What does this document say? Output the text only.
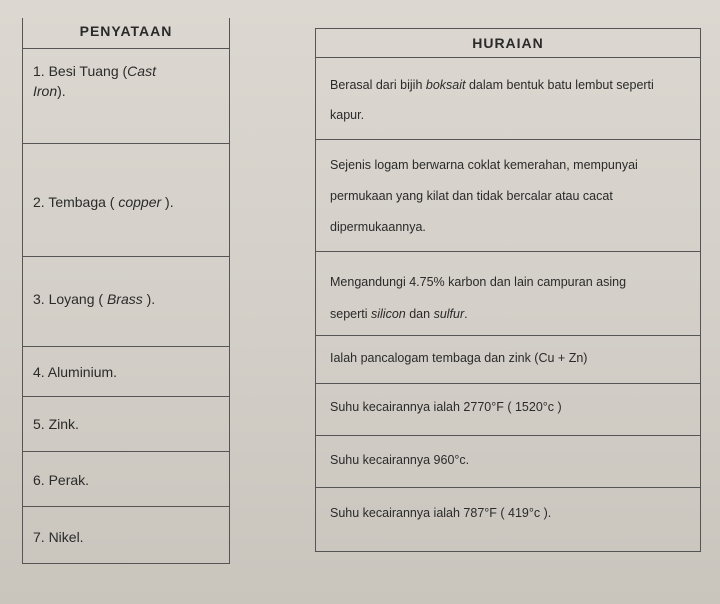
PENYATAAN
1. Besi Tuang (Cast
Iron).
2. Tembaga ( copper ).
3. Loyang ( Brass ).
4. Aluminium.
5. Zink.
6. Perak.
7. Nikel.
HURAIAN

Berasal dari bijih boksait dalam bentuk batu lembut seperti

kapur.

Sejenis logam berwarna coklat kemerahan, mempunyai

permukaan yang kilat dan tidak bercalar atau cacat

dipermukaannya.

Mengandungi 4.75% karbon dan lain campuran asing

seperti silicon dan sulfur.

Ialah pancalogam tembaga dan zink (Cu + Zn)
Suhu kecairannya ialah 2770°F ( 1520°c )
Suhu kecairannya 960°c.
Suhu kecairannya ialah 787°F ( 419°c ).
